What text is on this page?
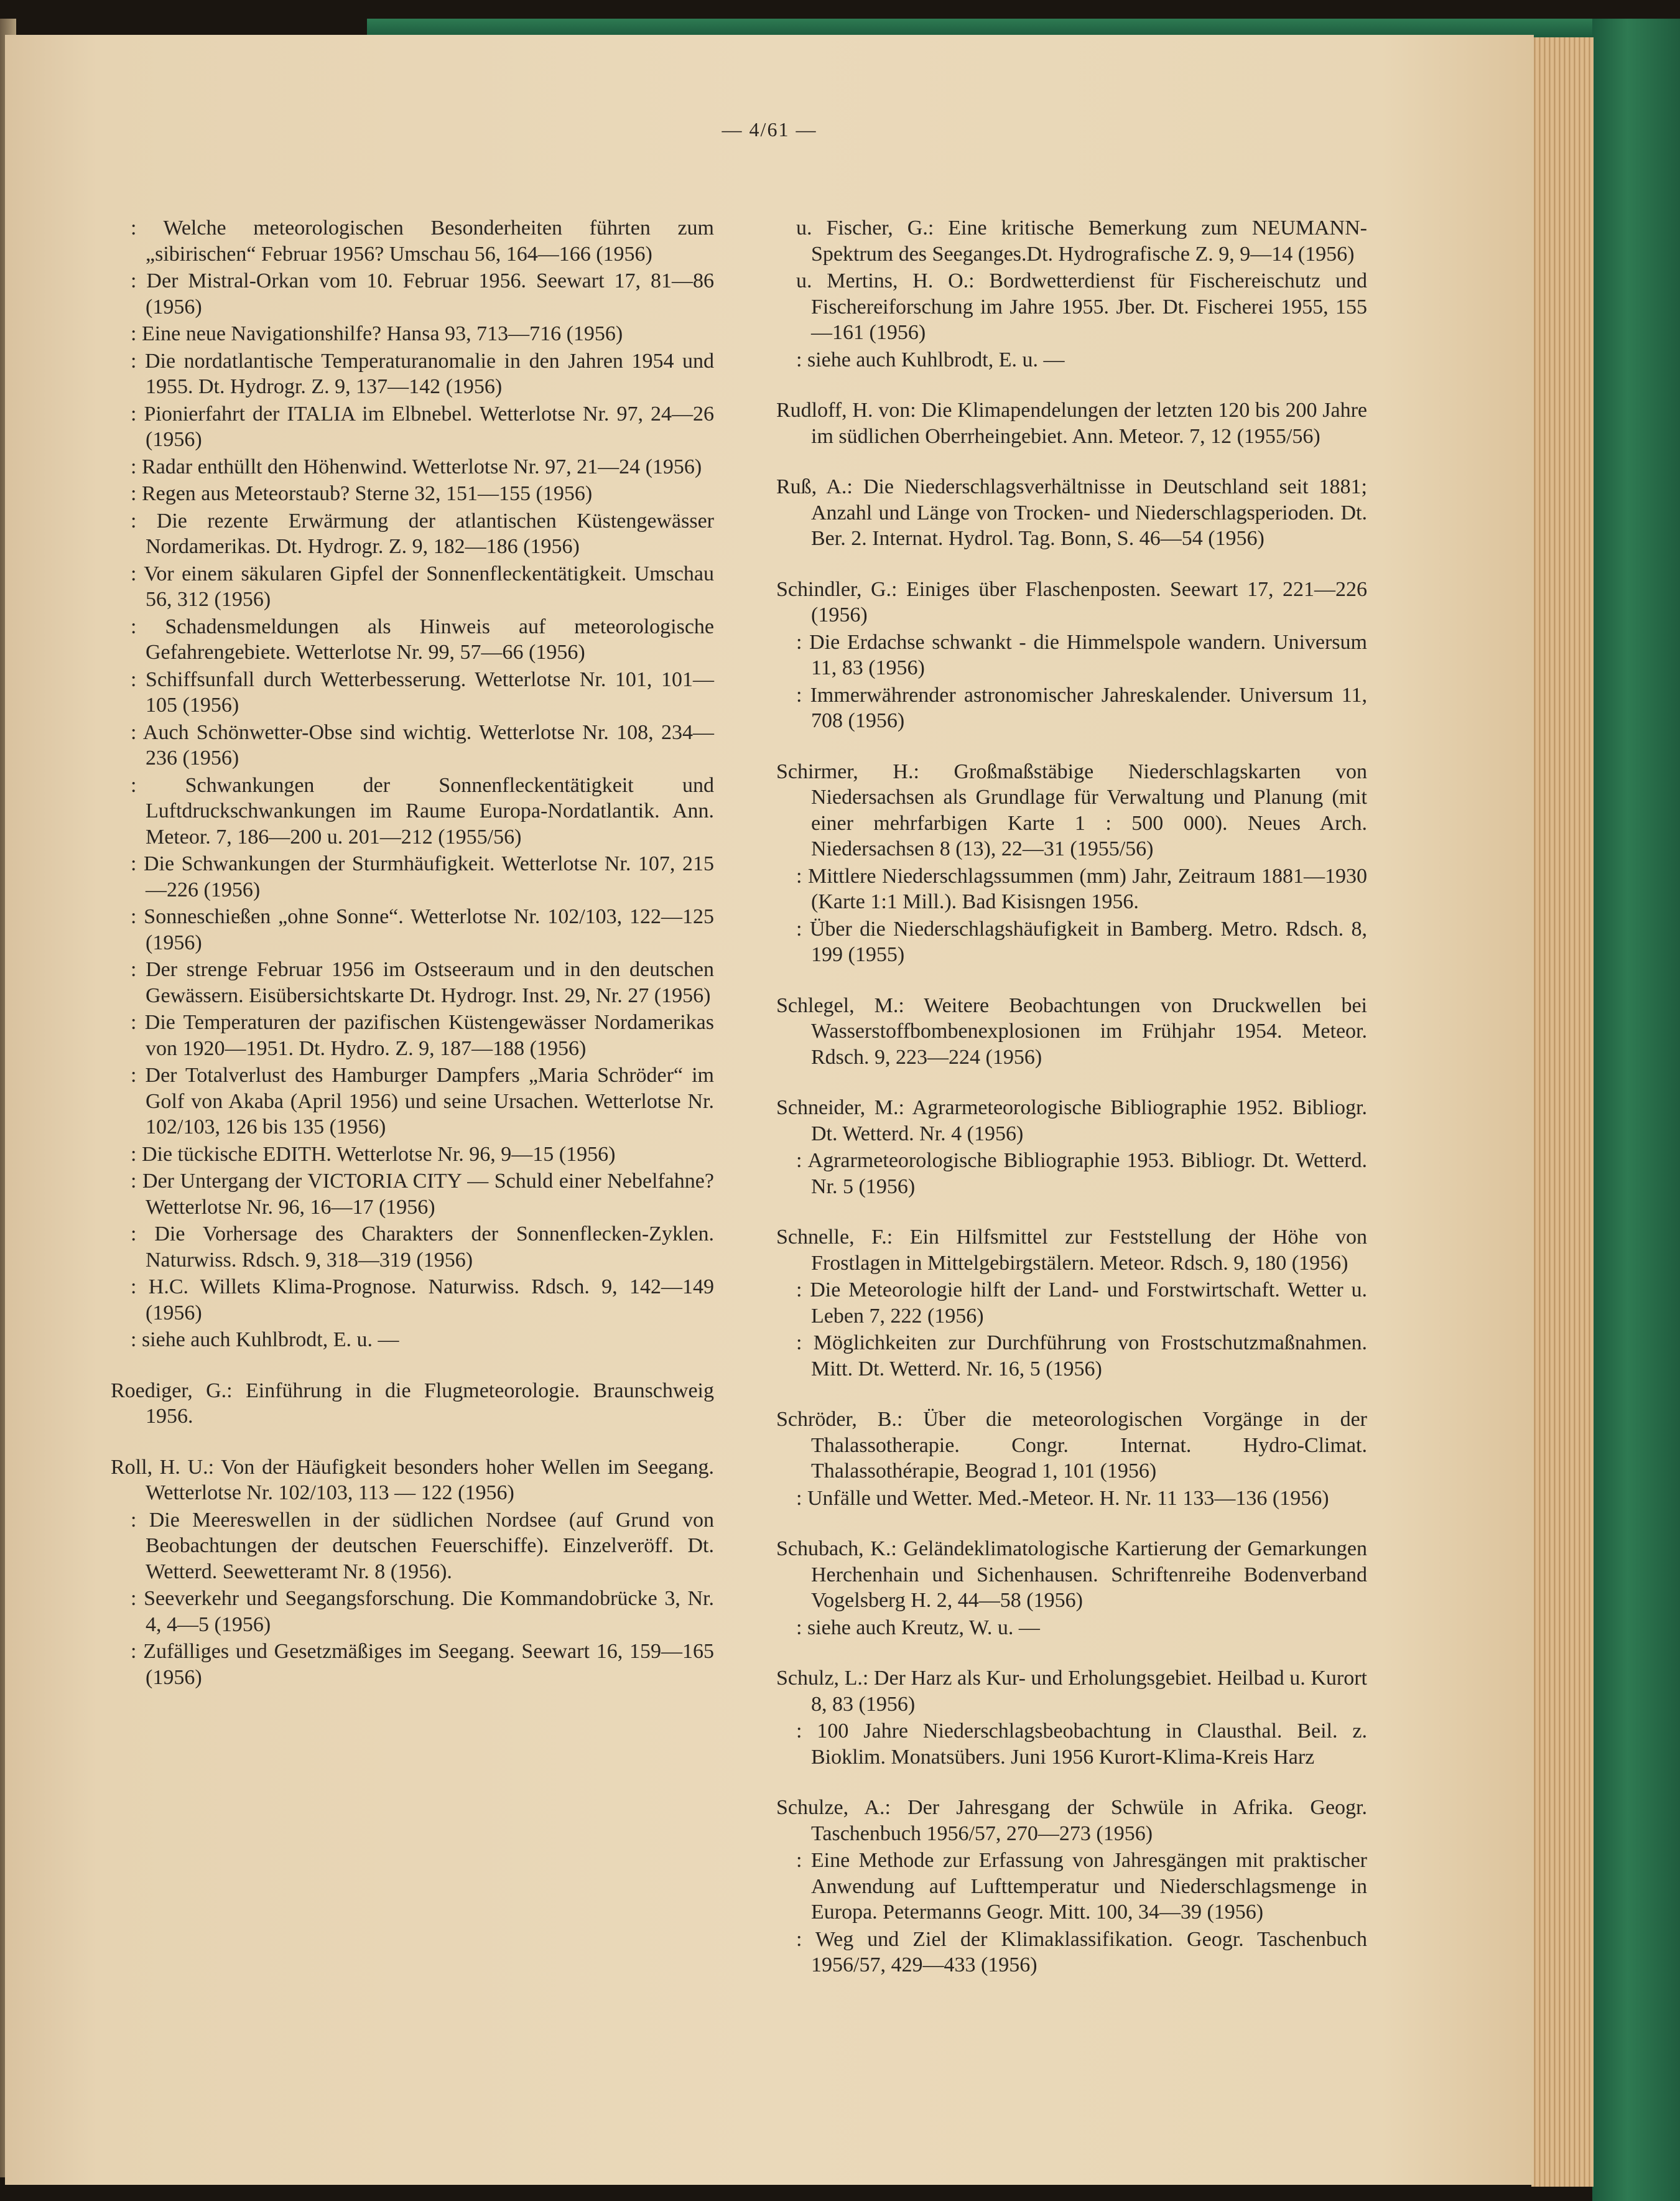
— 4/61 —
: Welche meteorologischen Besonderheiten führten zum „sibirischen“ Februar 1956? Umschau 56, 164—166 (1956)
: Der Mistral-Orkan vom 10. Februar 1956. Seewart 17, 81—86 (1956)
: Eine neue Navigationshilfe? Hansa 93, 713—716 (1956)
: Die nordatlantische Temperaturanomalie in den Jahren 1954 und 1955. Dt. Hydrogr. Z. 9, 137—142 (1956)
: Pionierfahrt der ITALIA im Elbnebel. Wetterlotse Nr. 97, 24—26 (1956)
: Radar enthüllt den Höhenwind. Wetterlotse Nr. 97, 21—24 (1956)
: Regen aus Meteorstaub? Sterne 32, 151—155 (1956)
: Die rezente Erwärmung der atlantischen Küstengewässer Nordamerikas. Dt. Hydrogr. Z. 9, 182—186 (1956)
: Vor einem säkularen Gipfel der Sonnenfleckentätigkeit. Umschau 56, 312 (1956)
: Schadensmeldungen als Hinweis auf meteorologische Gefahrengebiete. Wetterlotse Nr. 99, 57—66 (1956)
: Schiffsunfall durch Wetterbesserung. Wetterlotse Nr. 101, 101—105 (1956)
: Auch Schönwetter-Obse sind wichtig. Wetterlotse Nr. 108, 234—236 (1956)
: Schwankungen der Sonnenfleckentätigkeit und Luftdruckschwankungen im Raume Europa-Nordatlantik. Ann. Meteor. 7, 186—200 u. 201—212 (1955/56)
: Die Schwankungen der Sturmhäufigkeit. Wetterlotse Nr. 107, 215—226 (1956)
: Sonneschießen „ohne Sonne“. Wetterlotse Nr. 102/103, 122—125 (1956)
: Der strenge Februar 1956 im Ostseeraum und in den deutschen Gewässern. Eisübersichtskarte Dt. Hydrogr. Inst. 29, Nr. 27 (1956)
: Die Temperaturen der pazifischen Küstengewässer Nordamerikas von 1920—1951. Dt. Hydro. Z. 9, 187—188 (1956)
: Der Totalverlust des Hamburger Dampfers „Maria Schröder“ im Golf von Akaba (April 1956) und seine Ursachen. Wetterlotse Nr. 102/103, 126 bis 135 (1956)
: Die tückische EDITH. Wetterlotse Nr. 96, 9—15 (1956)
: Der Untergang der VICTORIA CITY — Schuld einer Nebelfahne? Wetterlotse Nr. 96, 16—17 (1956)
: Die Vorhersage des Charakters der Sonnenflecken-Zyklen. Naturwiss. Rdsch. 9, 318—319 (1956)
: H.C. Willets Klima-Prognose. Naturwiss. Rdsch. 9, 142—149 (1956)
: siehe auch Kuhlbrodt, E. u. —
Roediger, G.: Einführung in die Flugmeteorologie. Braunschweig 1956.
Roll, H. U.: Von der Häufigkeit besonders hoher Wellen im Seegang. Wetterlotse Nr. 102/103, 113 — 122 (1956)
: Die Meereswellen in der südlichen Nordsee (auf Grund von Beobachtungen der deutschen Feuerschiffe). Einzelveröff. Dt. Wetterd. Seewetteramt Nr. 8 (1956).
: Seeverkehr und Seegangsforschung. Die Kommandobrücke 3, Nr. 4, 4—5 (1956)
: Zufälliges und Gesetzmäßiges im Seegang. Seewart 16, 159—165 (1956)
u. Fischer, G.: Eine kritische Bemerkung zum NEUMANN-Spektrum des Seeganges.Dt. Hydrografische Z. 9, 9—14 (1956)
u. Mertins, H. O.: Bordwetterdienst für Fischereischutz und Fischereiforschung im Jahre 1955. Jber. Dt. Fischerei 1955, 155—161 (1956)
: siehe auch Kuhlbrodt, E. u. —
Rudloff, H. von: Die Klimapendelungen der letzten 120 bis 200 Jahre im südlichen Oberrheingebiet. Ann. Meteor. 7, 12 (1955/56)
Ruß, A.: Die Niederschlagsverhältnisse in Deutschland seit 1881; Anzahl und Länge von Trocken- und Niederschlagsperioden. Dt. Ber. 2. Internat. Hydrol. Tag. Bonn, S. 46—54 (1956)
Schindler, G.: Einiges über Flaschenposten. Seewart 17, 221—226 (1956)
: Die Erdachse schwankt - die Himmelspole wandern. Universum 11, 83 (1956)
: Immerwährender astronomischer Jahreskalender. Universum 11, 708 (1956)
Schirmer, H.: Großmaßstäbige Niederschlagskarten von Niedersachsen als Grundlage für Verwaltung und Planung (mit einer mehrfarbigen Karte 1 : 500 000). Neues Arch. Niedersachsen 8 (13), 22—31 (1955/56)
: Mittlere Niederschlagssummen (mm) Jahr, Zeitraum 1881—1930 (Karte 1:1 Mill.). Bad Kisisngen 1956.
: Über die Niederschlagshäufigkeit in Bamberg. Metro. Rdsch. 8, 199 (1955)
Schlegel, M.: Weitere Beobachtungen von Druckwellen bei Wasserstoffbombenexplosionen im Frühjahr 1954. Meteor. Rdsch. 9, 223—224 (1956)
Schneider, M.: Agrarmeteorologische Bibliographie 1952. Bibliogr. Dt. Wetterd. Nr. 4 (1956)
: Agrarmeteorologische Bibliographie 1953. Bibliogr. Dt. Wetterd. Nr. 5 (1956)
Schnelle, F.: Ein Hilfsmittel zur Feststellung der Höhe von Frostlagen in Mittelgebirgstälern. Meteor. Rdsch. 9, 180 (1956)
: Die Meteorologie hilft der Land- und Forstwirtschaft. Wetter u. Leben 7, 222 (1956)
: Möglichkeiten zur Durchführung von Frostschutzmaßnahmen. Mitt. Dt. Wetterd. Nr. 16, 5 (1956)
Schröder, B.: Über die meteorologischen Vorgänge in der Thalassotherapie. Congr. Internat. Hydro-Climat. Thalassothérapie, Beograd 1, 101 (1956)
: Unfälle und Wetter. Med.-Meteor. H. Nr. 11 133—136 (1956)
Schubach, K.: Geländeklimatologische Kartierung der Gemarkungen Herchenhain und Sichenhausen. Schriftenreihe Bodenverband Vogelsberg H. 2, 44—58 (1956)
: siehe auch Kreutz, W. u. —
Schulz, L.: Der Harz als Kur- und Erholungsgebiet. Heilbad u. Kurort 8, 83 (1956)
: 100 Jahre Niederschlagsbeobachtung in Clausthal. Beil. z. Bioklim. Monatsübers. Juni 1956 Kurort-Klima-Kreis Harz
Schulze, A.: Der Jahresgang der Schwüle in Afrika. Geogr. Taschenbuch 1956/57, 270—273 (1956)
: Eine Methode zur Erfassung von Jahresgängen mit praktischer Anwendung auf Lufttemperatur und Niederschlagsmenge in Europa. Petermanns Geogr. Mitt. 100, 34—39 (1956)
: Weg und Ziel der Klimaklassifikation. Geogr. Taschenbuch 1956/57, 429—433 (1956)
